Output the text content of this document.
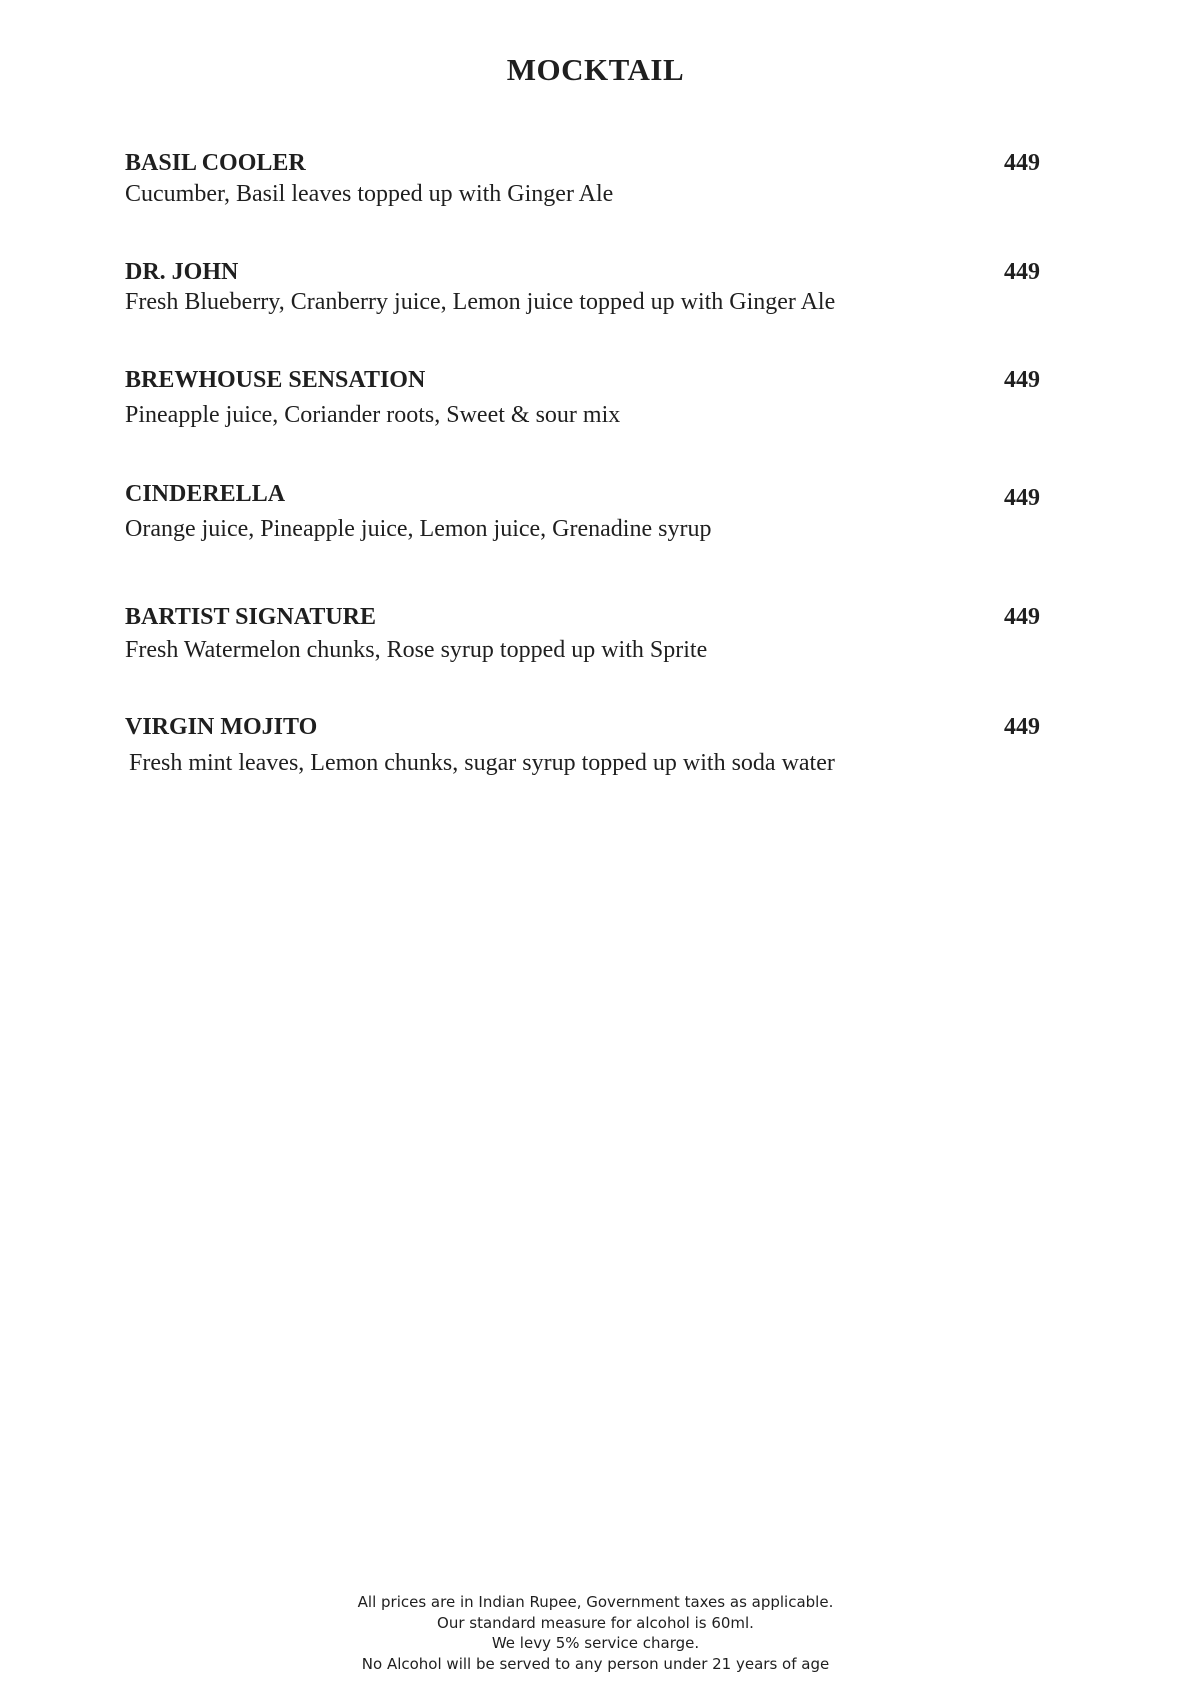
MOCKTAIL
BASIL COOLER	449
Cucumber, Basil leaves topped up with Ginger Ale
DR. JOHN	449
Fresh Blueberry, Cranberry juice, Lemon juice topped up with Ginger Ale
BREWHOUSE SENSATION	449
Pineapple juice, Coriander roots, Sweet & sour mix
CINDERELLA	449
Orange juice, Pineapple juice, Lemon juice, Grenadine syrup
BARTIST SIGNATURE	449
Fresh Watermelon chunks, Rose syrup topped up with Sprite
VIRGIN MOJITO	449
Fresh mint leaves, Lemon chunks, sugar syrup topped up with soda water
All prices are in Indian Rupee, Government taxes as applicable.
Our standard measure for alcohol is 60ml.
We levy 5% service charge.
No Alcohol will be served to any person under 21 years of age
